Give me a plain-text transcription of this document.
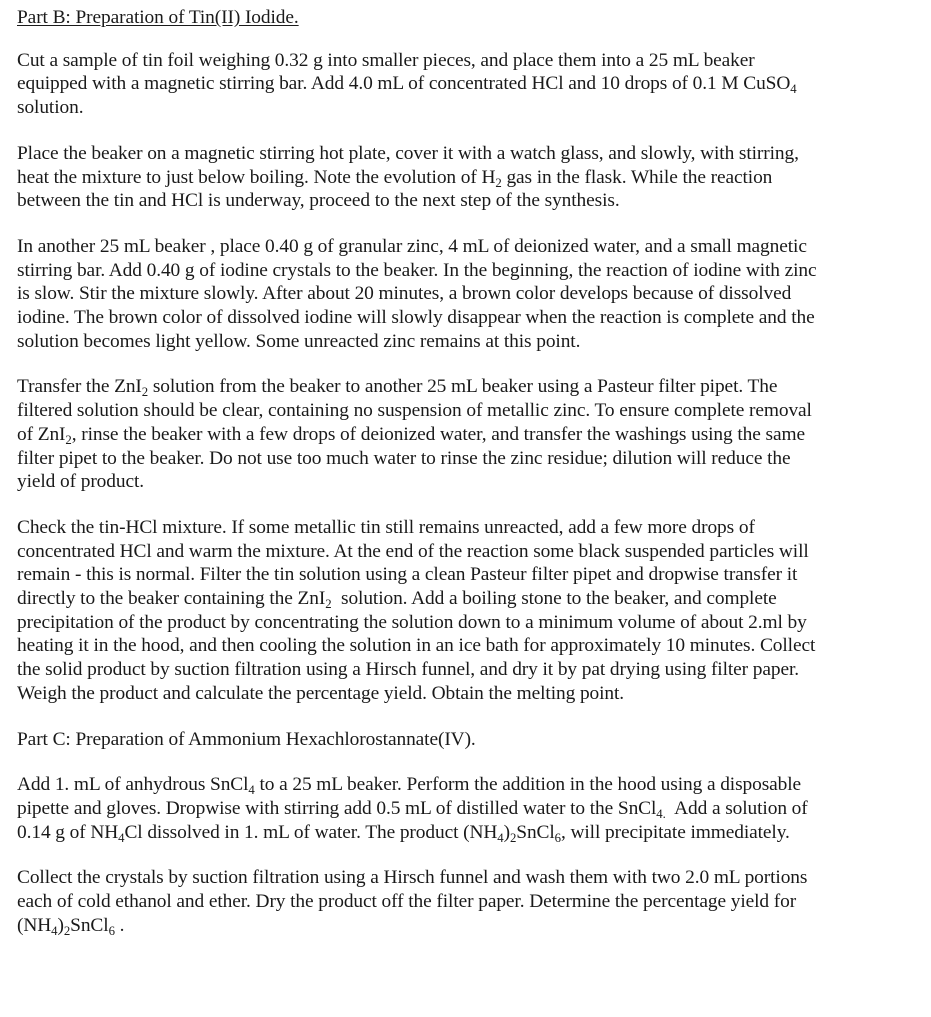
Part B: Preparation of Tin(II) Iodide.
Cut a sample of tin foil weighing 0.32 g into smaller pieces, and place them into a 25 mL beaker
equipped with a magnetic stirring bar. Add 4.0 mL of concentrated HCl and 10 drops of 0.1 M CuSO$_4$
solution.
Place the beaker on a magnetic stirring hot plate, cover it with a watch glass, and slowly, with stirring,
heat the mixture to just below boiling. Note the evolution of $H_2$ gas in the flask. While the reaction
between the tin and HCl is underway, proceed to the next step of the synthesis.
In another 25 mL beaker , place 0.40 g of granular zinc, 4 mL of deionized water, and a small magnetic
stirring bar. Add 0.40 g of iodine crystals to the beaker. In the beginning, the reaction of iodine with zinc
is slow. Stir the mixture slowly. After about 20 minutes, a brown color develops because of dissolved
iodine. The brown color of dissolved iodine will slowly disappear when the reaction is complete and the
solution becomes light yellow. Some unreacted zinc remains at this point.
Transfer the ZnI$_2$ solution from the beaker to another 25 mL beaker using a Pasteur filter pipet. The
filtered solution should be clear, containing no suspension of metallic zinc. To ensure complete removal
of ZnI$_2$, rinse the beaker with a few drops of deionized water, and transfer the washings using the same
filter pipet to the beaker. Do not use too much water to rinse the zinc residue; dilution will reduce the
yield of product.
Check the tin-HCl mixture. If some metallic tin still remains unreacted, add a few more drops of
concentrated HCl and warm the mixture. At the end of the reaction some black suspended particles will
remain - this is normal. Filter the tin solution using a clean Pasteur filter pipet and dropwise transfer it
directly to the beaker containing the ZnI$_2$  solution. Add a boiling stone to the beaker, and complete
precipitation of the product by concentrating the solution down to a minimum volume of about 2.ml by
heating it in the hood, and then cooling the solution in an ice bath for approximately 10 minutes. Collect
the solid product by suction filtration using a Hirsch funnel, and dry it by pat drying using filter paper.
Weigh the product and calculate the percentage yield. Obtain the melting point.
Part C: Preparation of Ammonium Hexachlorostannate(IV).
Add 1. mL of anhydrous SnCl$_4$ to a 25 mL beaker. Perform the addition in the hood using a disposable
pipette and gloves. Dropwise with stirring add 0.5 mL of distilled water to the SnCl$_{4.}$  Add a solution of
0.14 g of $NH_4Cl$ dissolved in 1. mL of water. The product $(NH_4)_2SnCl_6$, will precipitate immediately.
Collect the crystals by suction filtration using a Hirsch funnel and wash them with two 2.0 mL portions
each of cold ethanol and ether. Dry the product off the filter paper. Determine the percentage yield for
$(NH_4)_2SnCl_6$ .
